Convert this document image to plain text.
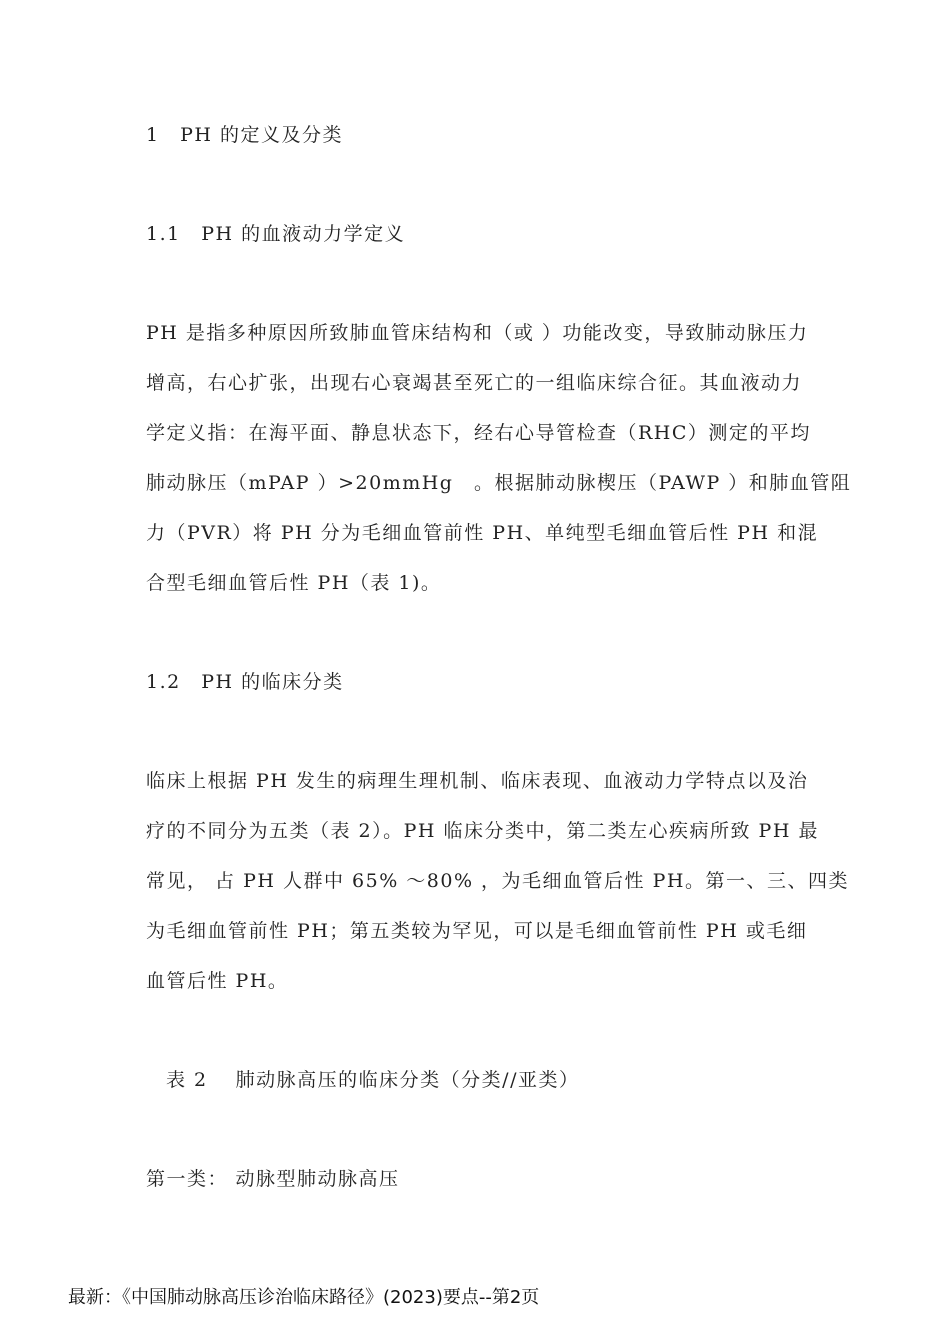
1　PH 的定义及分类
1.1　PH 的血液动力学定义
PH 是指多种原因所致肺血管床结构和（或 ）功能改变，导致肺动脉压力
增高，右心扩张，出现右心衰竭甚至死亡的一组临床综合征。其血液动力
学定义指：在海平面、静息状态下，经右心导管检查（RHC）测定的平均
肺动脉压（mPAP ）>20mmHg　。根据肺动脉楔压（PAWP ）和肺血管阻
力（PVR）将 PH 分为毛细血管前性 PH、单纯型毛细血管后性 PH 和混
合型毛细血管后性 PH（表 1)。
1.2　PH 的临床分类
临床上根据 PH 发生的病理生理机制、临床表现、血液动力学特点以及治
疗的不同分为五类（表 2）。PH 临床分类中，第二类左心疾病所致 PH 最
常见， 占 PH 人群中 65% ～80% ，为毛细血管后性 PH。第一、三、四类
为毛细血管前性 PH；第五类较为罕见，可以是毛细血管前性 PH 或毛细
血管后性 PH。
表 2　 肺动脉高压的临床分类（分类//亚类）
第一类： 动脉型肺动脉高压
最新：《中国肺动脉高压诊治临床路径》(2023)要点--第2页
